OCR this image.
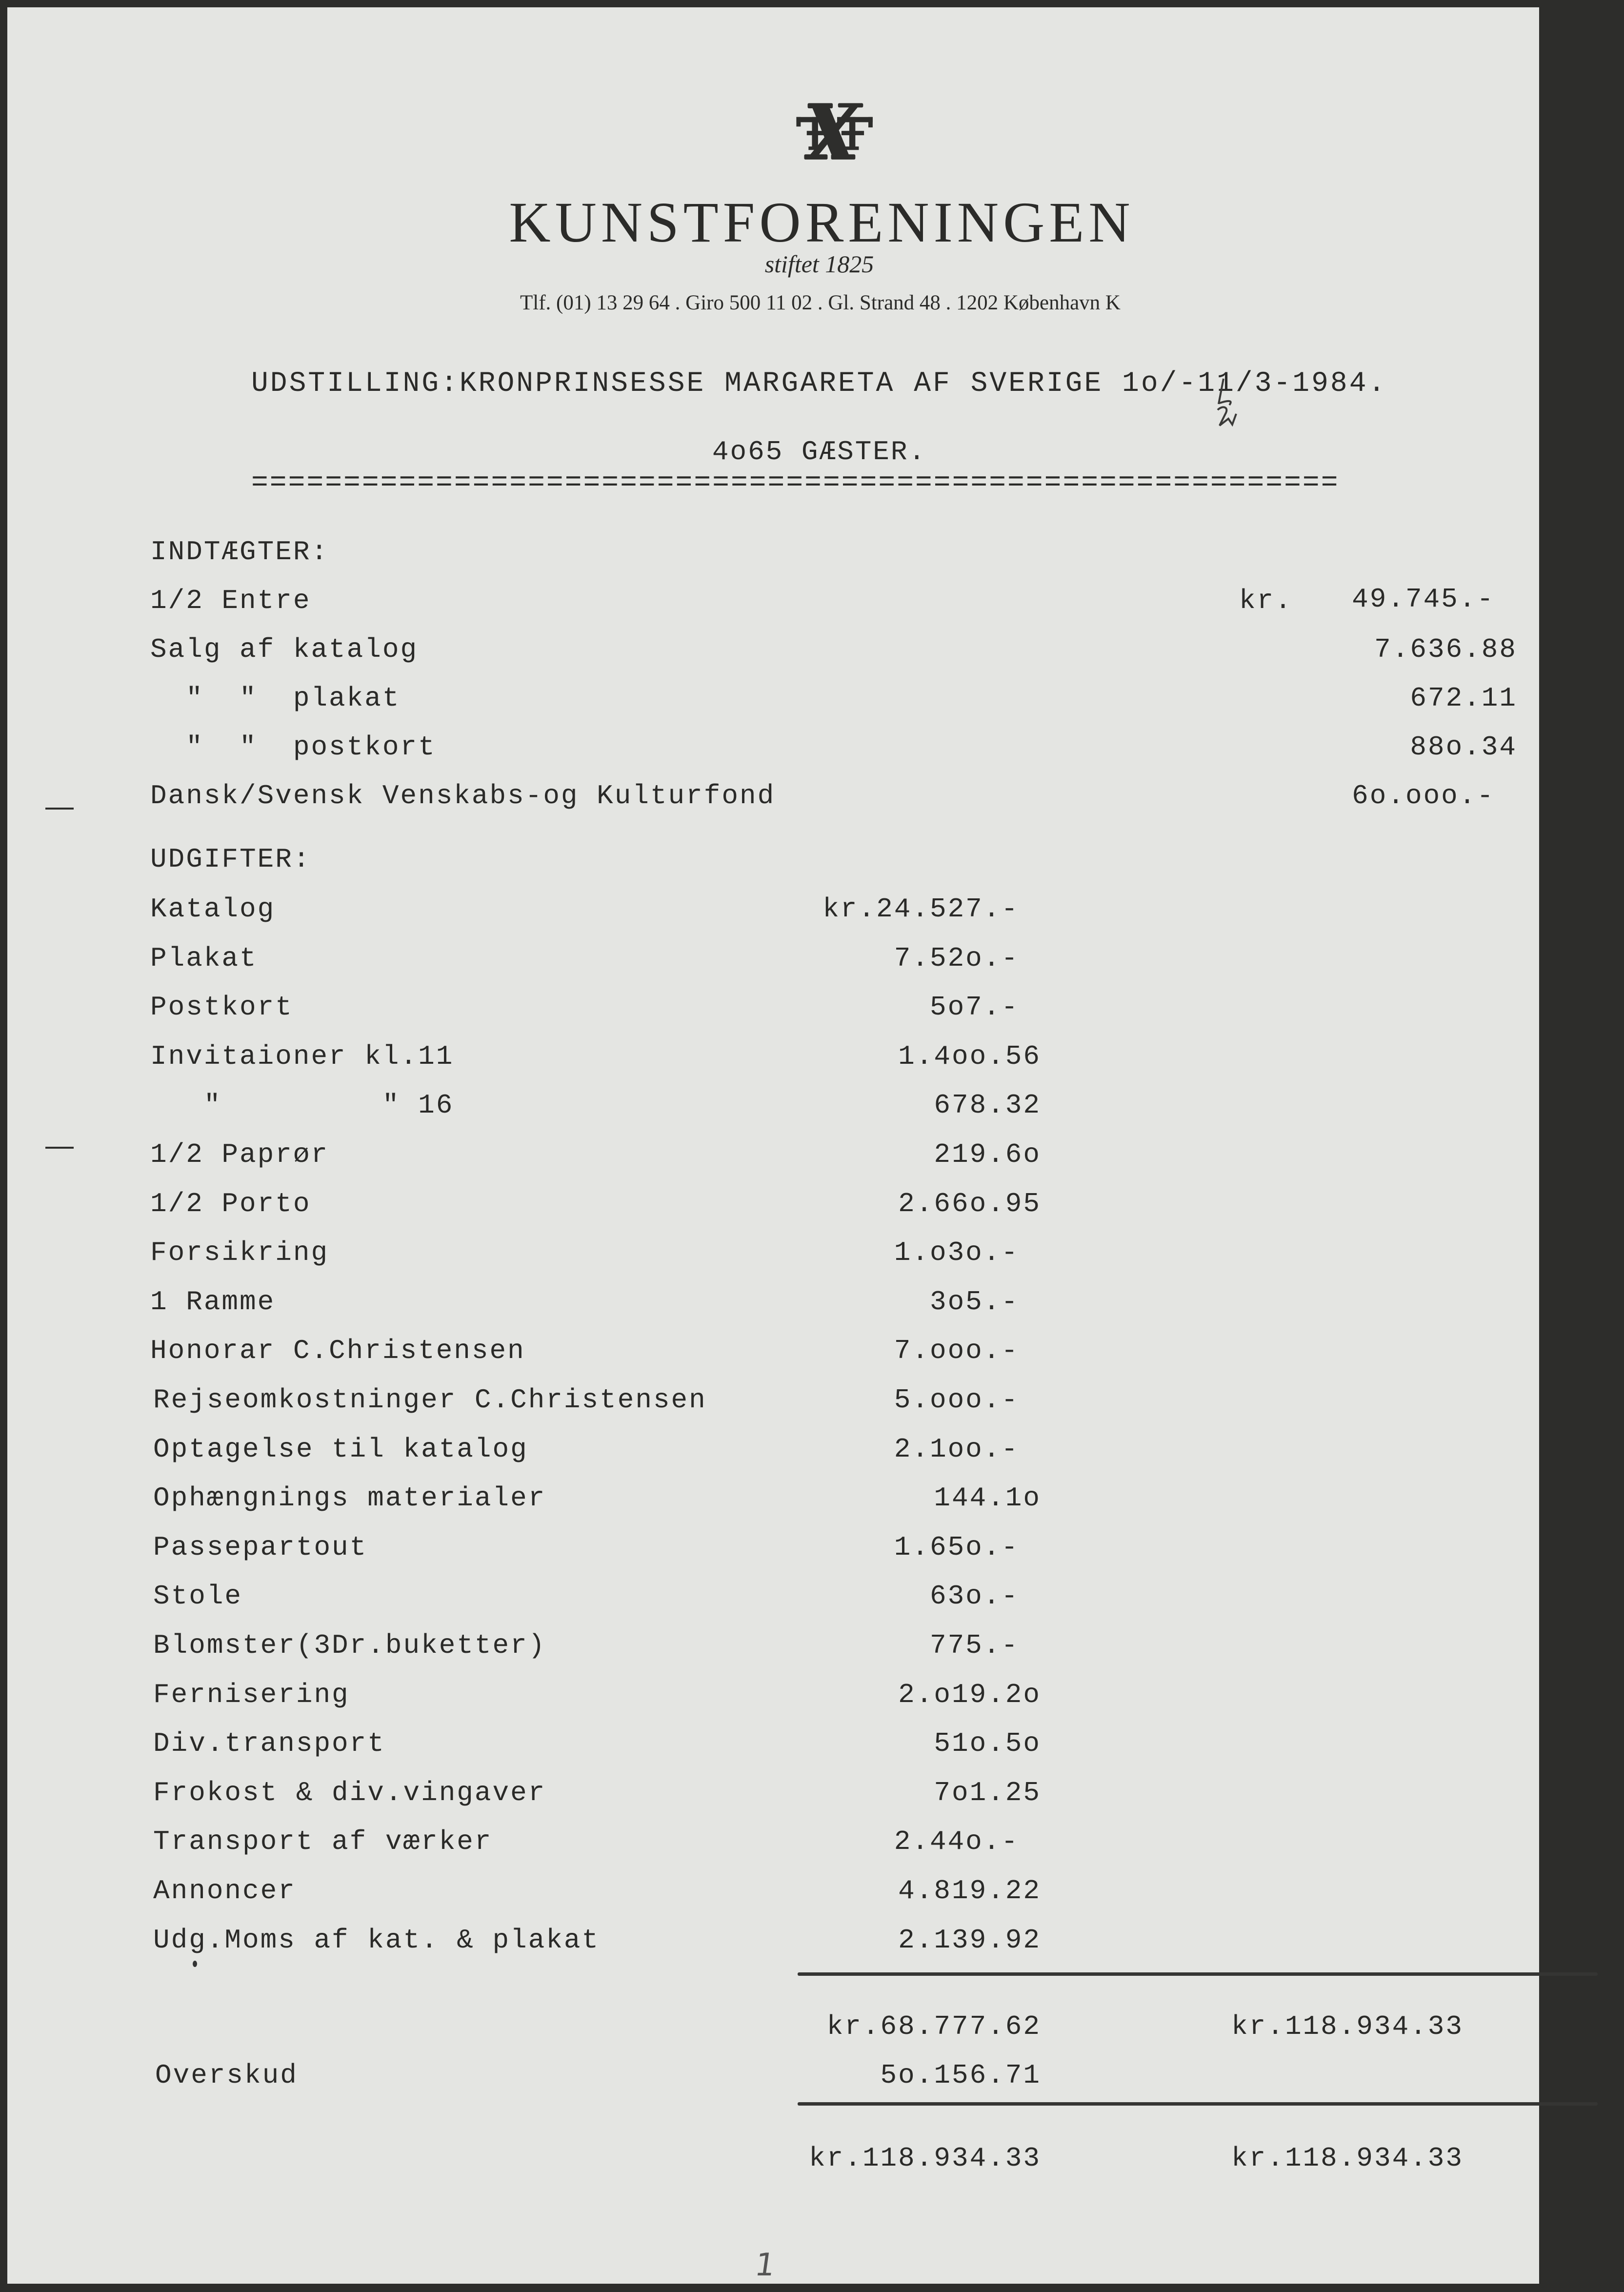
KUNSTFORENINGEN
stiftet 1825
Tlf. (01) 13 29 64 . Giro 500 11 02 . Gl. Strand 48 . 1202 København K
UDSTILLING:KRONPRINSESSE MARGARETA AF SVERIGE 1o/-11/3-1984.
4o65 GÆSTER.
===========================================================
INDTÆGTER:
1/2 Entre	kr. 49.745.-
Salg af katalog	7.636.88
"  "  plakat	672.11
"  "  postkort	88o.34
Dansk/Svensk Venskabs-og Kulturfond	6o.ooo.-
UDGIFTER:
Katalog	kr.24.527.-
Plakat	7.52o.-
Postkort	5o7.-
Invitaioner kl.11	1.4oo.56
"         " 16	678.32
1/2 Paprør	219.6o
1/2 Porto	2.66o.95
Forsikring	1.o3o.-
1 Ramme	3o5.-
Honorar C.Christensen	7.ooo.-
Rejseomkostninger C.Christensen	5.ooo.-
Optagelse til katalog	2.1oo.-
Ophængnings materialer	144.1o
Passepartout	1.65o.-
Stole	63o.-
Blomster(3Dr.buketter)	775.-
Fernisering	2.o19.2o
Div.transport	51o.5o
Frokost & div.vingaver	7o1.25
Transport af værker	2.44o.-
Annoncer	4.819.22
Udg.Moms af kat. & plakat	2.139.92
kr.68.777.62	kr.118.934.33
Overskud	5o.156.71
kr.118.934.33	kr.118.934.33
1
